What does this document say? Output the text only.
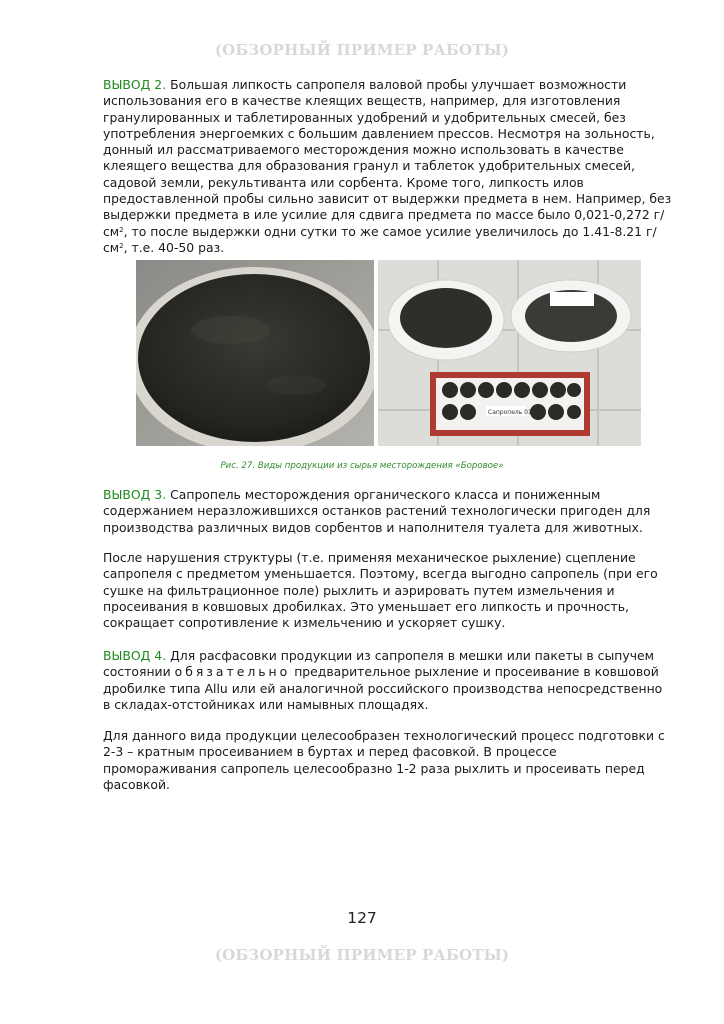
(ОБЗОРНЫЙ ПРИМЕР РАБОТЫ)
ВЫВОД 2. Большая липкость сапропеля валовой пробы улучшает возможности использования его в качестве клеящих веществ, например, для изготовления гранулированных и таблетированных удобрений и удобрительных смесей, без употребления энергоемких с большим давлением прессов. Несмотря на зольность, донный ил рассматриваемого месторождения можно использовать в качестве клеящего вещества для образования гранул и таблеток удобрительных смесей, садовой земли, рекультиванта или сорбента. Кроме того, липкость илов предоставленной пробы сильно зависит от выдержки предмета в нем. Например, без выдержки предмета в иле усилие для сдвига предмета по массе было 0,021-0,272 $г/см^2$, то после выдержки одни сутки то же самое усилие увеличилось до 1.41-8.21 $г/см^2$, т.е. 40-50 раз.
Сапропель 01
Рис. 27. Виды продукции из сырья месторождения «Боровое»
ВЫВОД 3. Сапропель месторождения органического класса и пониженным содержанием неразложившихся останков растений технологически пригоден для производства различных видов сорбентов и наполнителя туалета для животных.
После нарушения структуры (т.е. применяя механическое рыхление) сцепление сапропеля с предметом уменьшается. Поэтому, всегда выгодно сапропель (при его сушке на фильтрационное поле) рыхлить и аэрировать путем измельчения и просеивания в ковшовых дробилках. Это уменьшает его липкость и прочность, сокращает сопротивление к измельчению и ускоряет сушку.
ВЫВОД 4. Для расфасовки продукции из сапропеля в мешки или пакеты в сыпучем состоянии обязательно предварительное рыхление и просеивание в ковшовой дробилке типа Allu или ей аналогичной российского производства непосредственно в складах-отстойниках или намывных площадях.
Для данного вида продукции целесообразен технологический процесс подготовки с 2-3 – кратным просеиванием в буртах и перед фасовкой. В процессе промораживания сапропель целесообразно 1-2 раза рыхлить и просеивать перед фасовкой.
127
(ОБЗОРНЫЙ ПРИМЕР РАБОТЫ)
